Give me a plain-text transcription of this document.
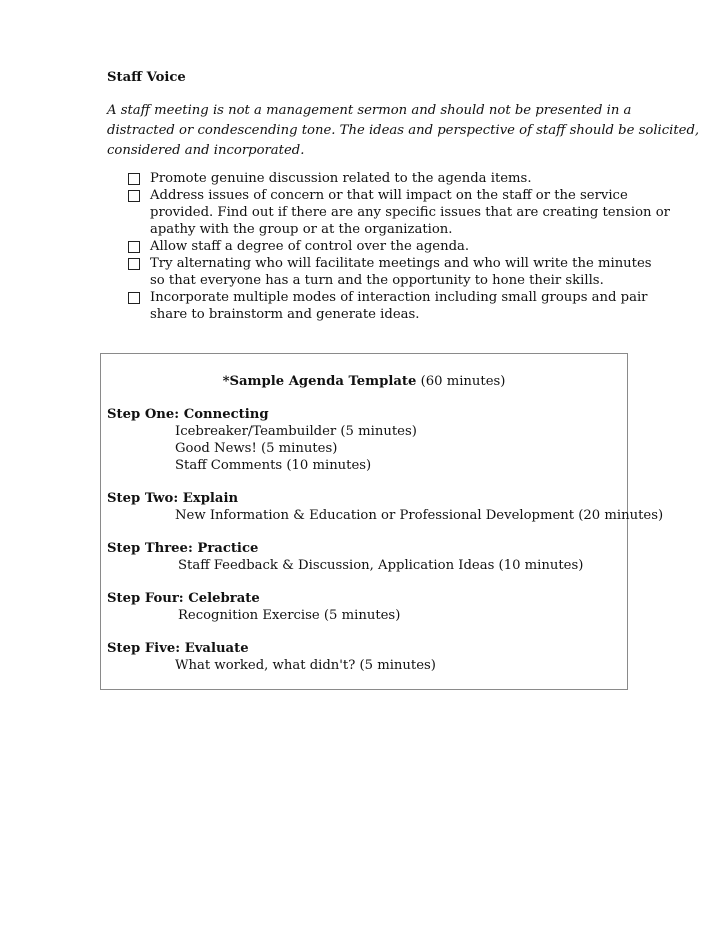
Staff Voice

A staff meeting is not a management sermon and should not be presented in a
distracted or condescending tone. The ideas and perspective of staff should be solicited,
considered and incorporated.

Promote genuine discussion related to the agenda items.
Address issues of concern or that will impact on the staff or the service
provided. Find out if there are any specific issues that are creating tension or
apathy with the group or at the organization.
Allow staff a degree of control over the agenda.
Try alternating who will facilitate meetings and who will write the minutes
so that everyone has a turn and the opportunity to hone their skills.
Incorporate multiple modes of interaction including small groups and pair
share to brainstorm and generate ideas.
*Sample Agenda Template (60 minutes)
Step One: Connecting
Icebreaker/Teambuilder (5 minutes)
Good News! (5 minutes)
Staff Comments (10 minutes)
Step Two: Explain
New Information & Education or Professional Development (20 minutes)
Step Three: Practice
Staff Feedback & Discussion, Application Ideas (10 minutes)
Step Four: Celebrate
Recognition Exercise (5 minutes)
Step Five: Evaluate
What worked, what didn't? (5 minutes)
